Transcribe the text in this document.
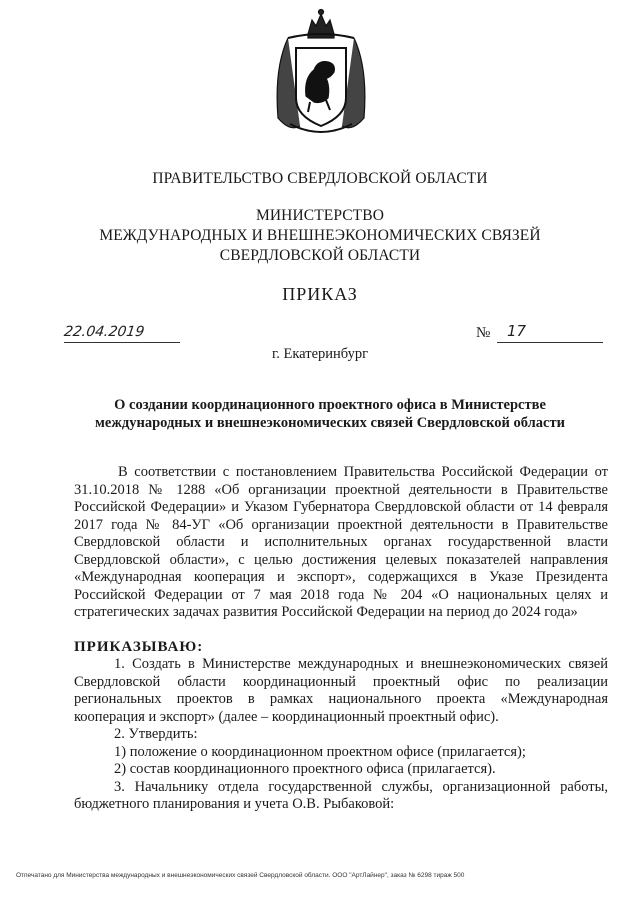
ПРАВИТЕЛЬСТВО СВЕРДЛОВСКОЙ ОБЛАСТИ
МИНИСТЕРСТВО
МЕЖДУНАРОДНЫХ И ВНЕШНЕЭКОНОМИЧЕСКИХ СВЯЗЕЙ
СВЕРДЛОВСКОЙ ОБЛАСТИ
ПРИКАЗ
22.04.2019	№ 17
г. Екатеринбург
О создании координационного проектного офиса в Министерстве международных и внешнеэкономических связей Свердловской области
В соответствии с постановлением Правительства Российской Федерации от 31.10.2018 № 1288 «Об организации проектной деятельности в Правительстве Российской Федерации» и Указом Губернатора Свердловской области от 14 февраля 2017 года № 84-УГ «Об организации проектной деятельности в Правительстве Свердловской области и исполнительных органах государственной власти Свердловской области», с целью достижения целевых показателей направления «Международная кооперация и экспорт», содержащихся в Указе Президента Российской Федерации от 7 мая 2018 года № 204 «О национальных целях и стратегических задачах развития Российской Федерации на период до 2024 года»
ПРИКАЗЫВАЮ:

1. Создать в Министерстве международных и внешнеэкономических связей Свердловской области координационный проектный офис по реализации региональных проектов в рамках национального проекта «Международная кооперация и экспорт» (далее – координационный проектный офис).

2. Утвердить:

1) положение о координационном проектном офисе (прилагается);

2) состав координационного проектного офиса (прилагается).

3. Начальнику отдела государственной службы, организационной работы, бюджетного планирования и учета О.В. Рыбаковой:

Отпечатано для Министерства международных и внешнеэкономических связей Свердловской области. ООО "АртЛайнер", заказ № 6298 тираж 500
